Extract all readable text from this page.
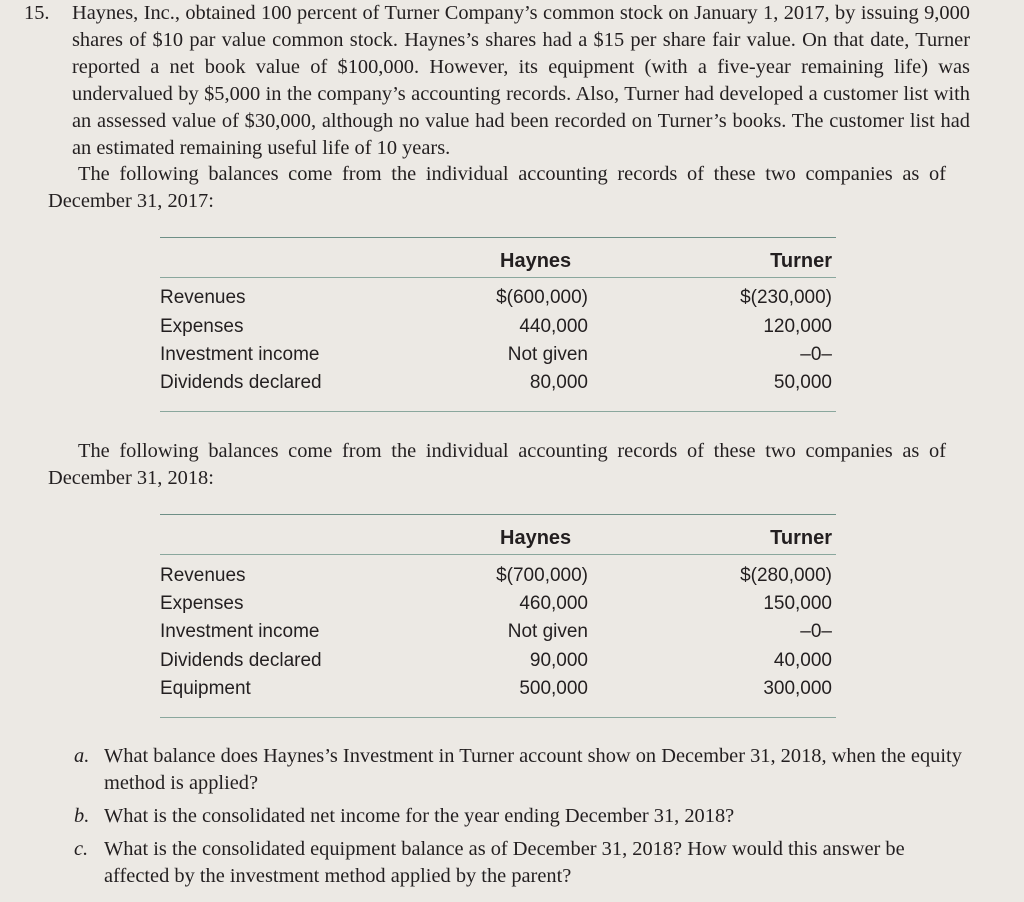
15. Haynes, Inc., obtained 100 percent of Turner Company’s common stock on January 1, 2017, by issuing 9,000 shares of $10 par value common stock. Haynes’s shares had a $15 per share fair value. On that date, Turner reported a net book value of $100,000. However, its equipment (with a five-year remaining life) was undervalued by $5,000 in the company’s accounting records. Also, Turner had developed a customer list with an assessed value of $30,000, although no value had been recorded on Turner’s books. The customer list had an estimated remaining useful life of 10 years.
The following balances come from the individual accounting records of these two companies as of December 31, 2017:
Haynes	Turner
Revenues	$(600,000)	$(230,000)
Expenses	440,000	120,000
Investment income	Not given	–0–
Dividends declared	80,000	50,000
The following balances come from the individual accounting records of these two companies as of December 31, 2018:
Haynes	Turner
Revenues	$(700,000)	$(280,000)
Expenses	460,000	150,000
Investment income	Not given	–0–
Dividends declared	90,000	40,000
Equipment	500,000	300,000
a. What balance does Haynes’s Investment in Turner account show on December 31, 2018, when the equity method is applied?
b. What is the consolidated net income for the year ending December 31, 2018?
c. What is the consolidated equipment balance as of December 31, 2018? How would this answer be affected by the investment method applied by the parent?
